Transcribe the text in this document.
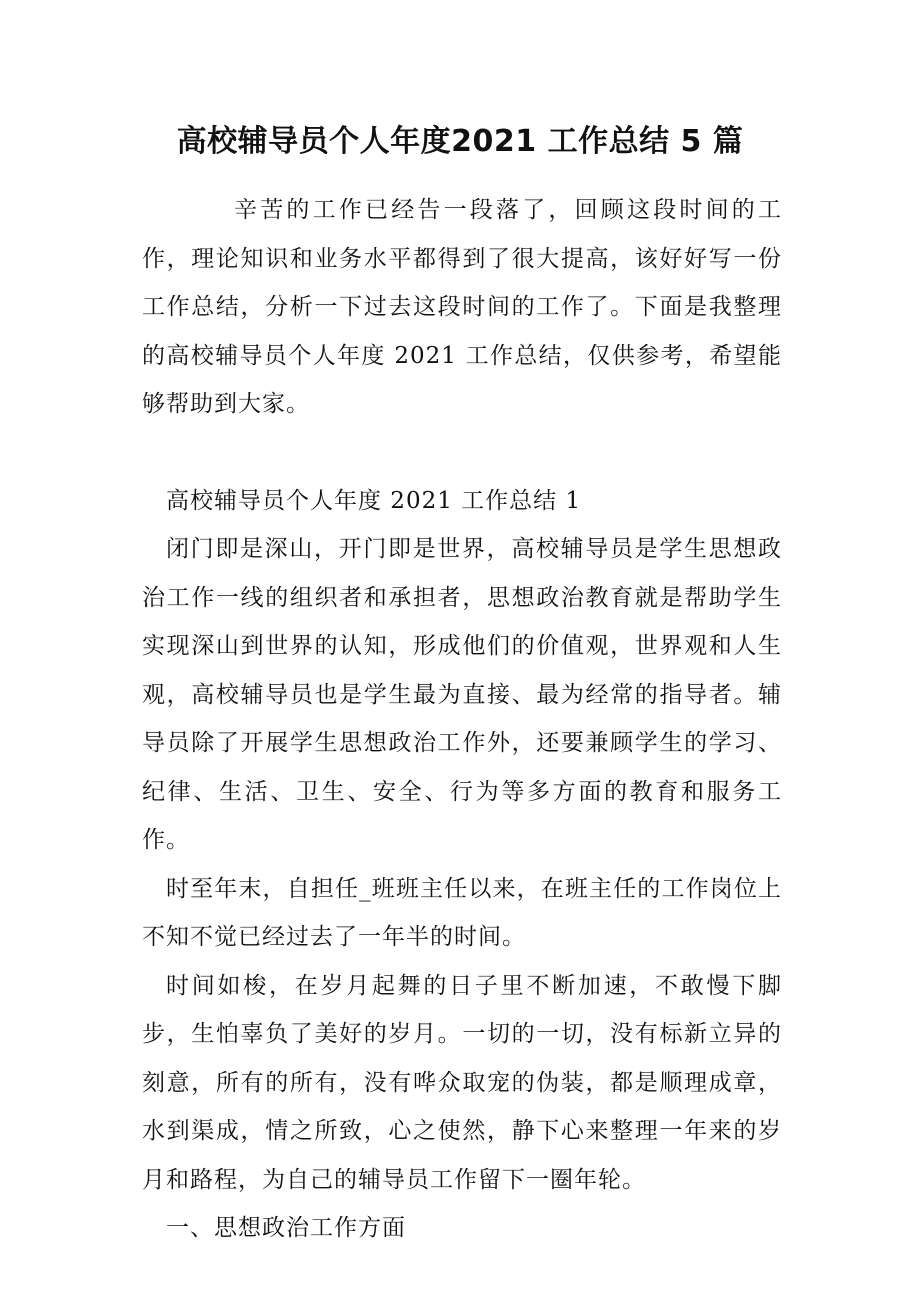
高校辅导员个人年度2021 工作总结 5 篇

辛苦的工作已经告一段落了，回顾这段时间的工作，理论知识和业务水平都得到了很大提高，该好好写一份工作总结，分析一下过去这段时间的工作了。下面是我整理的高校辅导员个人年度 2021 工作总结，仅供参考，希望能够帮助到大家。

高校辅导员个人年度 2021 工作总结 1

闭门即是深山，开门即是世界，高校辅导员是学生思想政治工作一线的组织者和承担者，思想政治教育就是帮助学生实现深山到世界的认知，形成他们的价值观，世界观和人生观，高校辅导员也是学生最为直接、最为经常的指导者。辅导员除了开展学生思想政治工作外，还要兼顾学生的学习、纪律、生活、卫生、安全、行为等多方面的教育和服务工作。

时至年末，自担任_班班主任以来，在班主任的工作岗位上不知不觉已经过去了一年半的时间。

时间如梭，在岁月起舞的日子里不断加速，不敢慢下脚步，生怕辜负了美好的岁月。一切的一切，没有标新立异的刻意，所有的所有，没有哗众取宠的伪装，都是顺理成章，水到渠成，情之所致，心之使然，静下心来整理一年来的岁月和路程，为自己的辅导员工作留下一圈年轮。

一、思想政治工作方面
